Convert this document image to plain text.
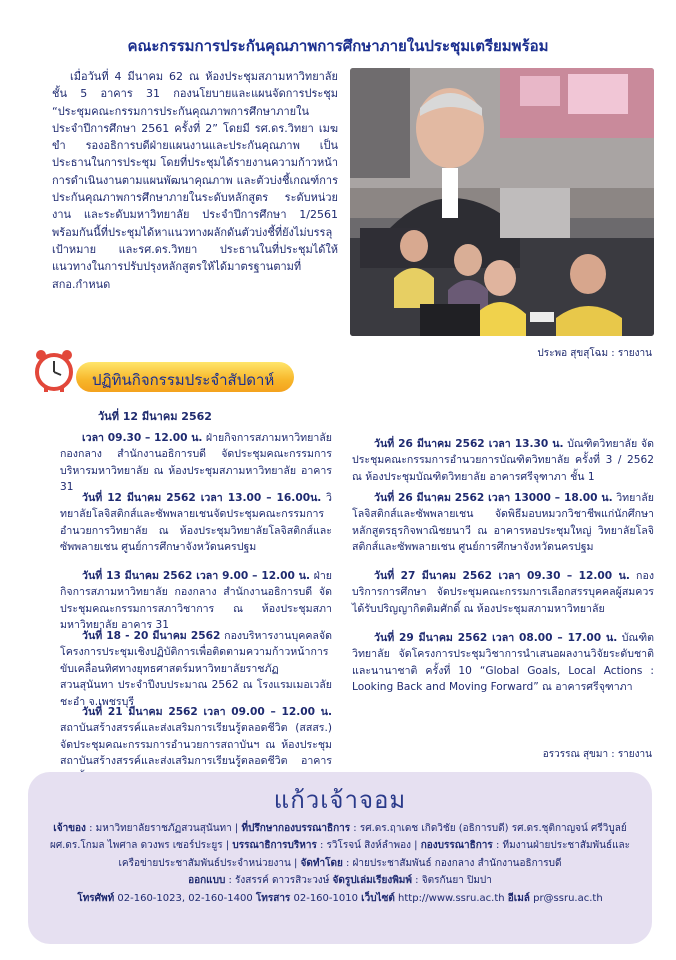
คณะกรรมการประกันคุณภาพการศึกษาภายในประชุมเตรียมพร้อม

เมื่อวันที่ 4 มีนาคม 62 ณ ห้องประชุมสภามหาวิทยาลัย ชั้น 5 อาคาร 31 กองนโยบายและแผนจัดการประชุม “ประชุมคณะกรรมการประกันคุณภาพการศึกษาภายใน ประจำปีการศึกษา 2561 ครั้งที่ 2” โดยมี รศ.ดร.วิทยา เมฆขำ รองอธิการบดีฝ่ายแผนงานและประกันคุณภาพ เป็นประธานในการประชุม โดยที่ประชุมได้รายงานความก้าวหน้าการดำเนินงานตามแผนพัฒนาคุณภาพ และตัวบ่งชี้เกณฑ์การประกันคุณภาพการศึกษาภายในระดับหลักสูตร ระดับหน่วยงาน และระดับมหาวิทยาลัย ประจำปีการศึกษา 1/2561 พร้อมกันนี้ที่ประชุมได้หาแนวทางผลักดันตัวบ่งชี้ที่ยังไม่บรรลุเป้าหมาย และรศ.ดร.วิทยา ประธานในที่ประชุมได้ให้แนวทางในการปรับปรุงหลักสูตรให้ได้มาตรฐานตามที่สกอ.กำหนด

ประพอ สุขสุโฉม : รายงาน
ปฏิทินกิจกรรมประจำสัปดาห์
วันที่ 12 มีนาคม 2562

เวลา 09.30 – 12.00 น. ฝ่ายกิจการสภามหาวิทยาลัย กองกลาง สำนักงานอธิการบดี จัดประชุมคณะกรรมการบริหารมหาวิทยาลัย ณ ห้องประชุมสภามหาวิทยาลัย อาคาร 31

วันที่ 12 มีนาคม 2562 เวลา 13.00 – 16.00น. วิทยาลัยโลจิสติกส์และซัพพลายเชนจัดประชุมคณะกรรมการอำนวยการวิทยาลัย ณ ห้องประชุมวิทยาลัยโลจิสติกส์และซัพพลายเชน ศูนย์การศึกษาจังหวัดนครปฐม

วันที่ 13 มีนาคม 2562 เวลา 9.00 – 12.00 น. ฝ่ายกิจการสภามหาวิทยาลัย กองกลาง สำนักงานอธิการบดี จัดประชุมคณะกรรมการสภาวิชาการ ณ ห้องประชุมสภามหาวิทยาลัย อาคาร 31

วันที่ 18 - 20 มีนาคม 2562 กองบริหารงานบุคคลจัดโครงการประชุมเชิงปฏิบัติการเพื่อติดตามความก้าวหน้าการขับเคลื่อนทิศทางยุทธศาสตร์มหาวิทยาลัยราชภัฏสวนสุนันทา ประจำปีงบประมาณ 2562 ณ โรงแรมเมอเวลัย ชะอำ จ.เพชรบุรี

วันที่ 21 มีนาคม 2562 เวลา 09.00 – 12.00 น. สถาบันสร้างสรรค์และส่งเสริมการเรียนรู้ตลอดชีวิต (สสสร.) จัดประชุมคณะกรรมการอำนวยการสถาบันฯ ณ ห้องประชุมสถาบันสร้างสรรค์และส่งเสริมการเรียนรู้ตลอดชีวิต อาคาร

วันที่ 26 มีนาคม 2562 เวลา 13.30 น. บัณฑิตวิทยาลัย จัดประชุมคณะกรรมการอำนวยการบัณฑิตวิทยาลัย ครั้งที่ 3 / 2562 ณ ห้องประชุมบัณฑิตวิทยาลัย อาคารศรีจุฑาภา ชั้น 1

วันที่ 26 มีนาคม 2562 เวลา 13000 – 18.00 น. วิทยาลัยโลจิสติกส์และซัพพลายเชน จัดพิธีมอบหมวกวิชาชีพแก่นักศึกษาหลักสูตรธุรกิจพาณิชยนาวี ณ อาคารหอประชุมใหญ่ วิทยาลัยโลจิสติกส์และซัพพลายเชน ศูนย์การศึกษาจังหวัดนครปฐม

วันที่ 27 มีนาคม 2562 เวลา 09.30 – 12.00 น. กองบริการการศึกษา จัดประชุมคณะกรรมการเลือกสรรบุคคลผู้สมควรได้รับปริญญากิตติมศักดิ์ ณ ห้องประชุมสภามหาวิทยาลัย

วันที่ 29 มีนาคม 2562 เวลา 08.00 – 17.00 น. บัณฑิตวิทยาลัย จัดโครงการประชุมวิชาการนำเสนอผลงานวิจัยระดับชาติและนานาชาติ ครั้งที่ 10 “Global Goals, Local Actions : Looking Back and Moving Forward” ณ อาคารศรีจุฑาภา

อรวรรณ สุขมา : รายงาน
แก้วเจ้าจอม
เจ้าของ : มหาวิทยาลัยราชภัฏสวนสุนันทา | ที่ปรึกษากองบรรณาธิการ : รศ.ดร.ฤาเดช เกิดวิชัย (อธิการบดี) รศ.ดร.ชุติกาญจน์ ศรีวิบูลย์ ผศ.ดร.โกมล ไพศาล ดวงพร เซอร์ประยูร | บรรณาธิการบริหาร : รวิโรจน์ สิงห์ลำพอง | กองบรรณาธิการ : ทีมงานฝ่ายประชาสัมพันธ์และเครือข่ายประชาสัมพันธ์ประจำหน่วยงาน | จัดทำโดย : ฝ่ายประชาสัมพันธ์ กองกลาง สำนักงานอธิการบดี
ออกแบบ : รังสรรค์ ดาวรสิวะวงษ์ จัดรูปเล่มเรียงพิมพ์ : จิตรกันยา ปิมปา
โทรศัพท์ 02-160-1023, 02-160-1400 โทรสาร 02-160-1010 เว็บไซต์ http://www.ssru.ac.th อีเมล์ pr@ssru.ac.th
